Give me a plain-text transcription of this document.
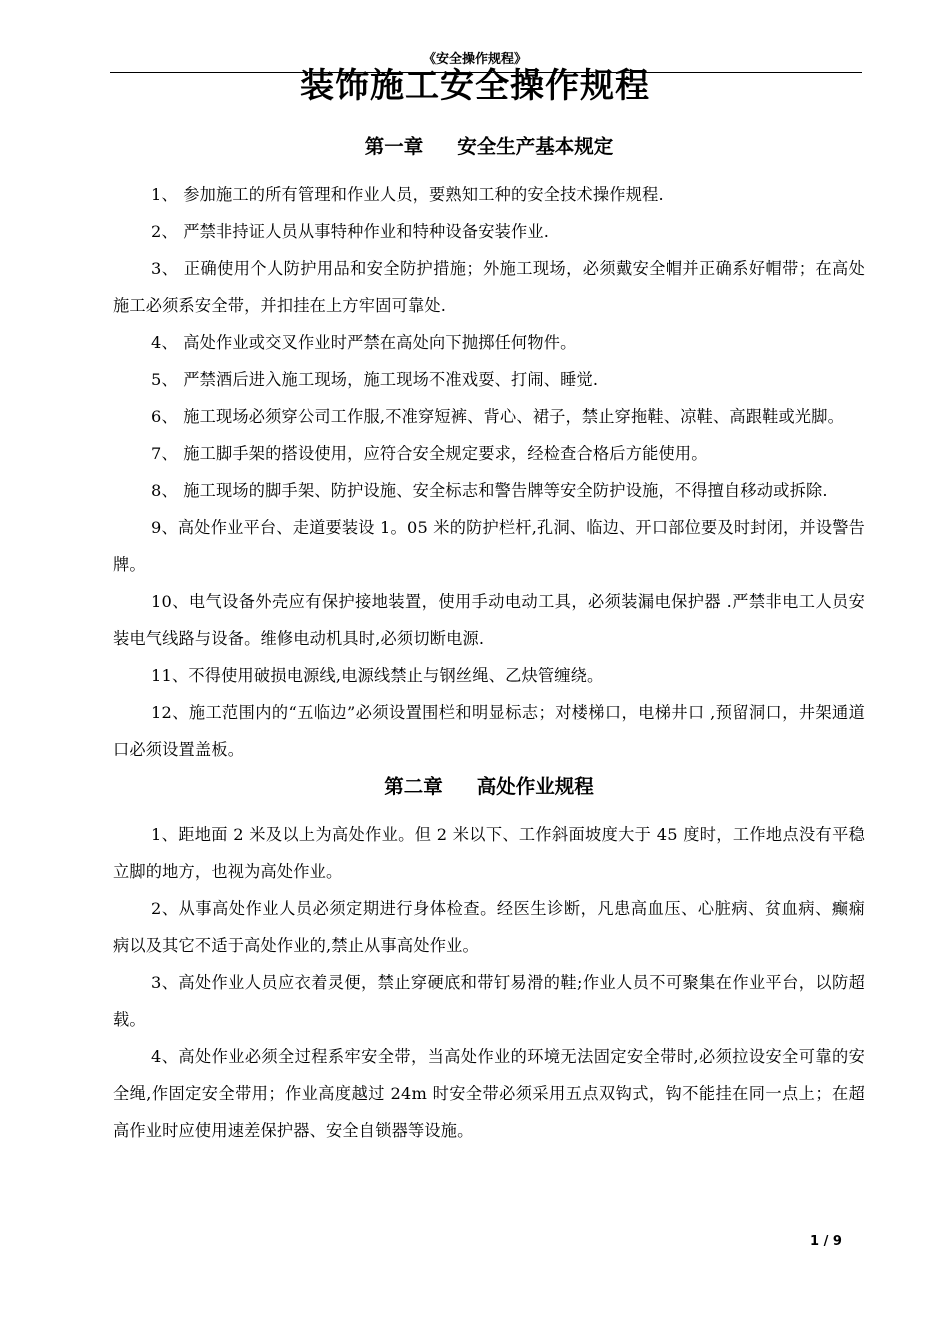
《安全操作规程》
装饰施工安全操作规程
第一章 安全生产基本规定

1、 参加施工的所有管理和作业人员，要熟知工种的安全技术操作规程.

2、 严禁非持证人员从事特种作业和特种设备安装作业.

3、 正确使用个人防护用品和安全防护措施；外施工现场，必须戴安全帽并正确系好帽带；在高处施工必须系安全带，并扣挂在上方牢固可靠处.

4、 高处作业或交叉作业时严禁在高处向下抛掷任何物件。

5、 严禁酒后进入施工现场，施工现场不准戏耍、打闹、睡觉.

6、 施工现场必须穿公司工作服,不准穿短裤、背心、裙子，禁止穿拖鞋、凉鞋、高跟鞋或光脚。

7、 施工脚手架的搭设使用，应符合安全规定要求，经检查合格后方能使用。

8、 施工现场的脚手架、防护设施、安全标志和警告牌等安全防护设施，不得擅自移动或拆除.

9、高处作业平台、走道要装设 1。05 米的防护栏杆,孔洞、临边、开口部位要及时封闭，并设警告牌。

10、电气设备外壳应有保护接地装置，使用手动电动工具，必须装漏电保护器 .严禁非电工人员安装电气线路与设备。维修电动机具时,必须切断电源.

11、不得使用破损电源线,电源线禁止与钢丝绳、乙炔管缠绕。

12、施工范围内的“五临边”必须设置围栏和明显标志；对楼梯口，电梯井口 ,预留洞口，井架通道口必须设置盖板。

第二章 高处作业规程

1、距地面 2 米及以上为高处作业。但 2 米以下、工作斜面坡度大于 45 度时，工作地点没有平稳立脚的地方，也视为高处作业。

2、从事高处作业人员必须定期进行身体检查。经医生诊断，凡患高血压、心脏病、贫血病、癫痫病以及其它不适于高处作业的,禁止从事高处作业。

3、高处作业人员应衣着灵便，禁止穿硬底和带钉易滑的鞋;作业人员不可聚集在作业平台，以防超载。

4、高处作业必须全过程系牢安全带，当高处作业的环境无法固定安全带时,必须拉设安全可靠的安全绳,作固定安全带用；作业高度越过 24m 时安全带必须采用五点双钩式，钩不能挂在同一点上；在超高作业时应使用速差保护器、安全自锁器等设施。

1 / 9
